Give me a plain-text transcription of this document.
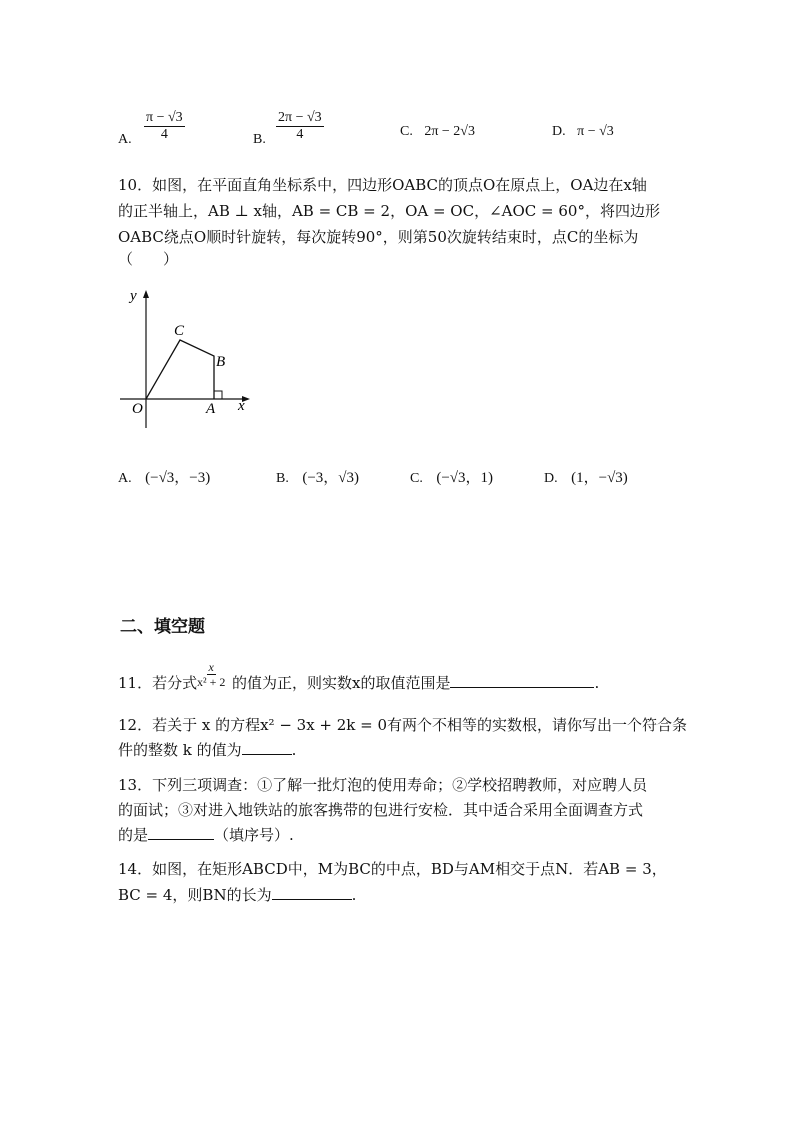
A. $\frac{\pi - √3}{4}$	B. $\frac{2\pi - √3}{4}$	C. 2π − 2√3	D. π − √3
10．如图，在平面直角坐标系中，四边形OABC的顶点O在原点上，OA边在x轴
的正半轴上，AB ⊥ x轴，AB = CB = 2，OA = OC，∠AOC = 60°，将四边形
OABC绕点O顺时针旋转，每次旋转90°，则第50次旋转结束时，点C的坐标为
（　　）
y
x
O	A
B
C
A. (−√3，−3)	B. (−3，√3)	C. (−√3，1)	D. (1，−√3)
二、填空题
11．若分式
$\frac{x}{\text{x² + 2}}$ 的值为正，则实数x的取值范围是	.
12．若关于 x 的方程x² − 3x + 2k = 0有两个不相等的实数根，请你写出一个符合条
件的整数 k 的值为	.
13．下列三项调查：①了解一批灯泡的使用寿命；②学校招聘教师，对应聘人员
的面试；③对进入地铁站的旅客携带的包进行安检．其中适合采用全面调查方式
的是	（填序号）.
14．如图，在矩形ABCD中，M为BC的中点，BD与AM相交于点N．若AB = 3，
BC = 4，则BN的长为	.
